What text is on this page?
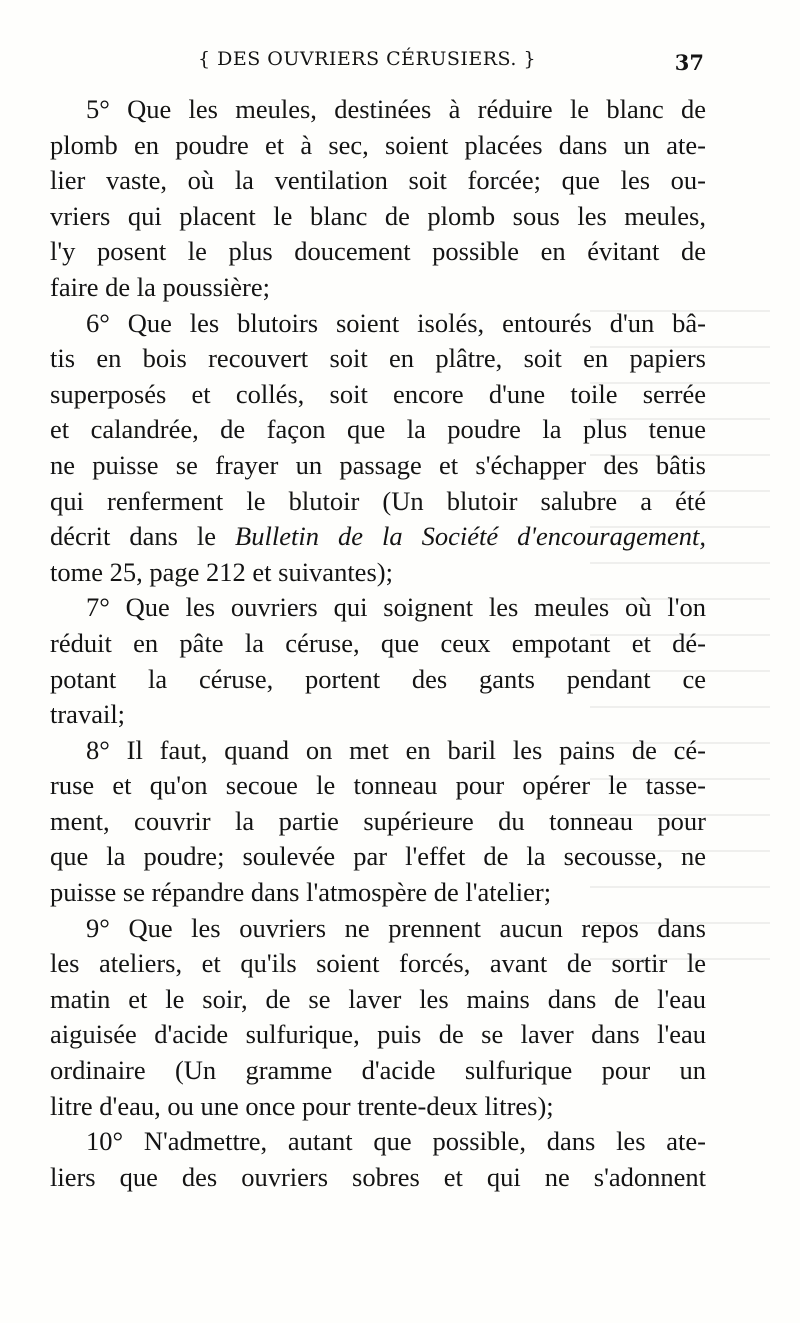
{ DES OUVRIERS CÉRUSIERS. }	37
5° Que les meules, destinées à réduire le blanc de
plomb en poudre et à sec, soient placées dans un ate-
lier vaste, où la ventilation soit forcée; que les ou-
vriers qui placent le blanc de plomb sous les meules,
l'y posent le plus doucement possible en évitant de
faire de la poussière;
6° Que les blutoirs soient isolés, entourés d'un bâ-
tis en bois recouvert soit en plâtre, soit en papiers
superposés et collés, soit encore d'une toile serrée
et calandrée, de façon que la poudre la plus tenue
ne puisse se frayer un passage et s'échapper des bâtis
qui renferment le blutoir (Un blutoir salubre a été
décrit dans le Bulletin de la Société d'encouragement,
tome 25, page 212 et suivantes);
7° Que les ouvriers qui soignent les meules où l'on
réduit en pâte la céruse, que ceux empotant et dé-
potant la céruse, portent des gants pendant ce
travail;
8° Il faut, quand on met en baril les pains de cé-
ruse et qu'on secoue le tonneau pour opérer le tasse-
ment, couvrir la partie supérieure du tonneau pour
que la poudre; soulevée par l'effet de la secousse, ne
puisse se répandre dans l'atmospère de l'atelier;
9° Que les ouvriers ne prennent aucun repos dans
les ateliers, et qu'ils soient forcés, avant de sortir le
matin et le soir, de se laver les mains dans de l'eau
aiguisée d'acide sulfurique, puis de se laver dans l'eau
ordinaire (Un gramme d'acide sulfurique pour un
litre d'eau, ou une once pour trente-deux litres);
10° N'admettre, autant que possible, dans les ate-
liers que des ouvriers sobres et qui ne s'adonnent
